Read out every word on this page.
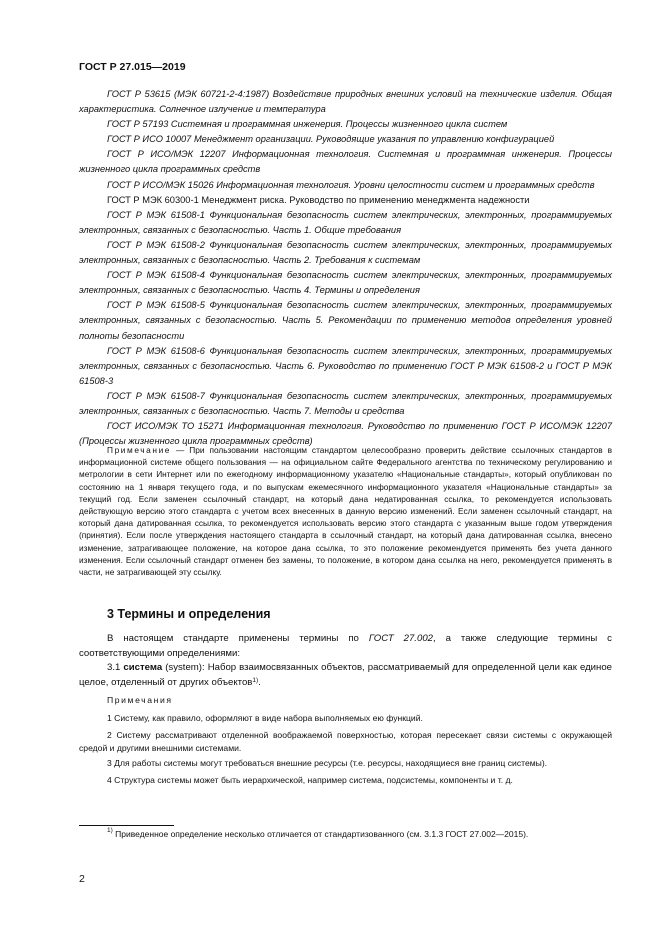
ГОСТ Р 27.015—2019

ГОСТ Р 53615 (МЭК 60721-2-4:1987) Воздействие природных внешних условий на технические изделия. Общая характеристика. Солнечное излучение и температура

ГОСТ Р 57193 Системная и программная инженерия. Процессы жизненного цикла систем

ГОСТ Р ИСО 10007 Менеджмент организации. Руководящие указания по управлению конфигурацией

ГОСТ Р ИСО/МЭК 12207 Информационная технология. Системная и программная инженерия. Процессы жизненного цикла программных средств

ГОСТ Р ИСО/МЭК 15026 Информационная технология. Уровни целостности систем и программных средств

ГОСТ Р МЭК 60300-1 Менеджмент риска. Руководство по применению менеджмента надежности

ГОСТ Р МЭК 61508-1 Функциональная безопасность систем электрических, электронных, программируемых электронных, связанных с безопасностью. Часть 1. Общие требования

ГОСТ Р МЭК 61508-2 Функциональная безопасность систем электрических, электронных, программируемых электронных, связанных с безопасностью. Часть 2. Требования к системам

ГОСТ Р МЭК 61508-4 Функциональная безопасность систем электрических, электронных, программируемых электронных, связанных с безопасностью. Часть 4. Термины и определения

ГОСТ Р МЭК 61508-5 Функциональная безопасность систем электрических, электронных, программируемых электронных, связанных с безопасностью. Часть 5. Рекомендации по применению методов определения уровней полноты безопасности

ГОСТ Р МЭК 61508-6 Функциональная безопасность систем электрических, электронных, программируемых электронных, связанных с безопасностью. Часть 6. Руководство по применению ГОСТ Р МЭК 61508-2 и ГОСТ Р МЭК 61508-3

ГОСТ Р МЭК 61508-7 Функциональная безопасность систем электрических, электронных, программируемых электронных, связанных с безопасностью. Часть 7. Методы и средства

ГОСТ ИСО/МЭК ТО 15271 Информационная технология. Руководство по применению ГОСТ Р ИСО/МЭК 12207 (Процессы жизненного цикла программных средств)

Примечание — При пользовании настоящим стандартом целесообразно проверить действие ссылочных стандартов в информационной системе общего пользования — на официальном сайте Федерального агентства по техническому регулированию и метрологии в сети Интернет или по ежегодному информационному указателю «Национальные стандарты», который опубликован по состоянию на 1 января текущего года, и по выпускам ежемесячного информационного указателя «Национальные стандарты» за текущий год. Если заменен ссылочный стандарт, на который дана недатированная ссылка, то рекомендуется использовать действующую версию этого стандарта с учетом всех внесенных в данную версию изменений. Если заменен ссылочный стандарт, на который дана датированная ссылка, то рекомендуется использовать версию этого стандарта с указанным выше годом утверждения (принятия). Если после утверждения настоящего стандарта в ссылочный стандарт, на который дана датированная ссылка, внесено изменение, затрагивающее положение, на которое дана ссылка, то это положение рекомендуется применять без учета данного изменения. Если ссылочный стандарт отменен без замены, то положение, в котором дана ссылка на него, рекомендуется применять в части, не затрагивающей эту ссылку.

3 Термины и определения

В настоящем стандарте применены термины по ГОСТ 27.002, а также следующие термины с соответствующими определениями:

3.1 система (system): Набор взаимосвязанных объектов, рассматриваемый для определенной цели как единое целое, отделенный от других объектов$^{1)}$.

Примечания

1 Систему, как правило, оформляют в виде набора выполняемых ею функций.

2 Систему рассматривают отделенной воображаемой поверхностью, которая пересекает связи системы с окружающей средой и другими внешними системами.

3 Для работы системы могут требоваться внешние ресурсы (т.е. ресурсы, находящиеся вне границ системы).

4 Структура системы может быть иерархической, например система, подсистемы, компоненты и т. д.

$^{1)}$ Приведенное определение несколько отличается от стандартизованного (см. 3.1.3 ГОСТ 27.002—2015).
2
